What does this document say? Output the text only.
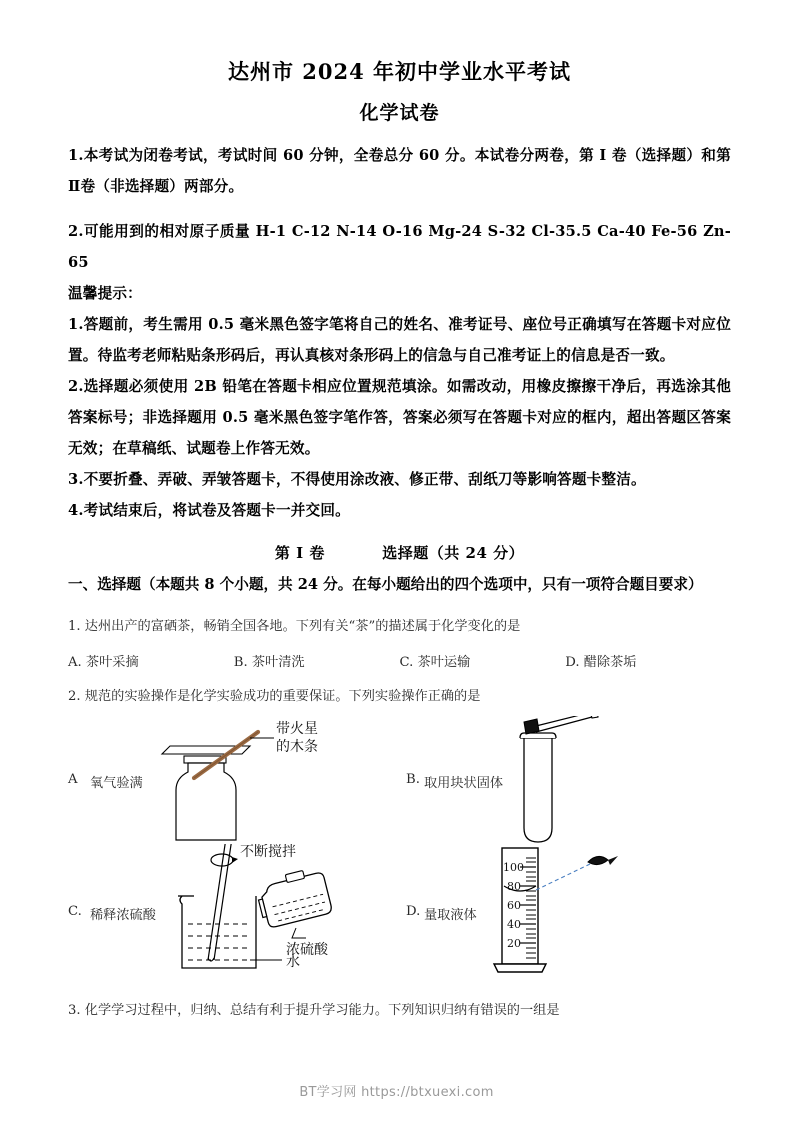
达州市 2024 年初中学业水平考试
化学试卷

1.本考试为闭卷考试，考试时间 60 分钟，全卷总分 60 分。本试卷分两卷，第 I 卷（选择题）和第Ⅱ卷（非选择题）两部分。

2.可能用到的相对原子质量 H-1 C-12 N-14 O-16 Mg-24 S-32 Cl-35.5 Ca-40 Fe-56 Zn-65

温馨提示：

1.答题前，考生需用 0.5 毫米黑色签字笔将自己的姓名、准考证号、座位号正确填写在答题卡对应位置。待监考老师粘贴条形码后，再认真核对条形码上的信急与自己准考证上的信息是否一致。

2.选择题必须使用 2B 铅笔在答题卡相应位置规范填涂。如需改动，用橡皮擦擦干净后，再选涂其他答案标号；非选择题用 0.5 毫米黑色签字笔作答，答案必须写在答题卡对应的框内，超出答题区答案无效；在草稿纸、试题卷上作答无效。

3.不要折叠、弄破、弄皱答题卡，不得使用涂改液、修正带、刮纸刀等影响答题卡整洁。

4.考试结束后，将试卷及答题卡一并交回。

第 I 卷	选择题（共 24 分）

一、选择题（本题共 8 个小题，共 24 分。在每小题给出的四个选项中，只有一项符合题目要求）

1. 达州出产的富硒茶，畅销全国各地。下列有关“茶”的描述属于化学变化的是

A. 茶叶采摘	B. 茶叶清洗	C. 茶叶运输	D. 醋除茶垢

2. 规范的实验操作是化学实验成功的重要保证。下列实验操作正确的是

A 氧气验满
带火星
的木条
B. 取用块状固体
C. 稀释浓硫酸
不断搅拌
浓硫酸
水
D. 量取液体
100
80
60
40
20

3. 化学学习过程中，归纳、总结有利于提升学习能力。下列知识归纳有错误的一组是

BT学习网 https://btxuexi.com
